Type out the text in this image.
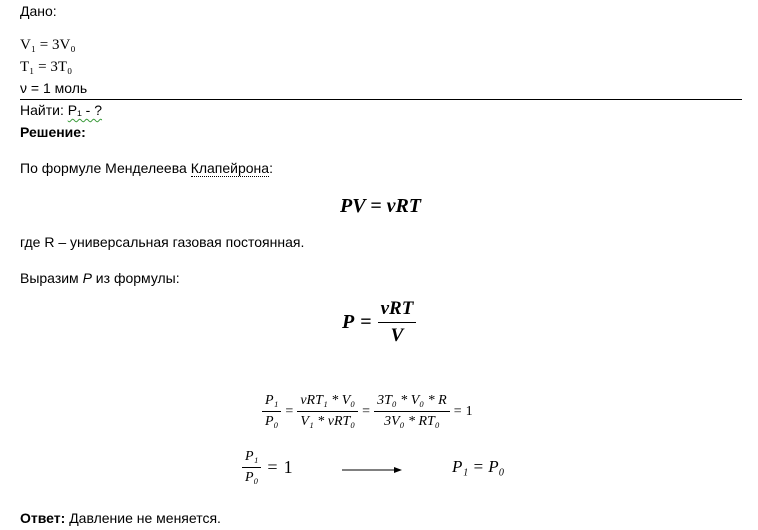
Дано:
V₁ = 3V₀
T₁ = 3T₀
ν = 1 моль
Найти: P₁ - ?
Решение:
По формуле Менделеева Клапейрона:
PV = νRT
где R – универсальная газовая постоянная.
Выразим P из формулы:
$P = \frac{\text{νRT}}{V}$
$\frac{\text{P₁}}{\text{P₀}} = \frac{\text{νRT₁ * V₀}}{\text{V₁ * νRT₀}} = \frac{\text{3T₀ * V₀ * R}}{\text{3V₀ * RT₀}} = 1$
$\frac{\text{P₁}}{\text{P₀}} = 1$	P₁ = P₀
Ответ: Давление не меняется.
